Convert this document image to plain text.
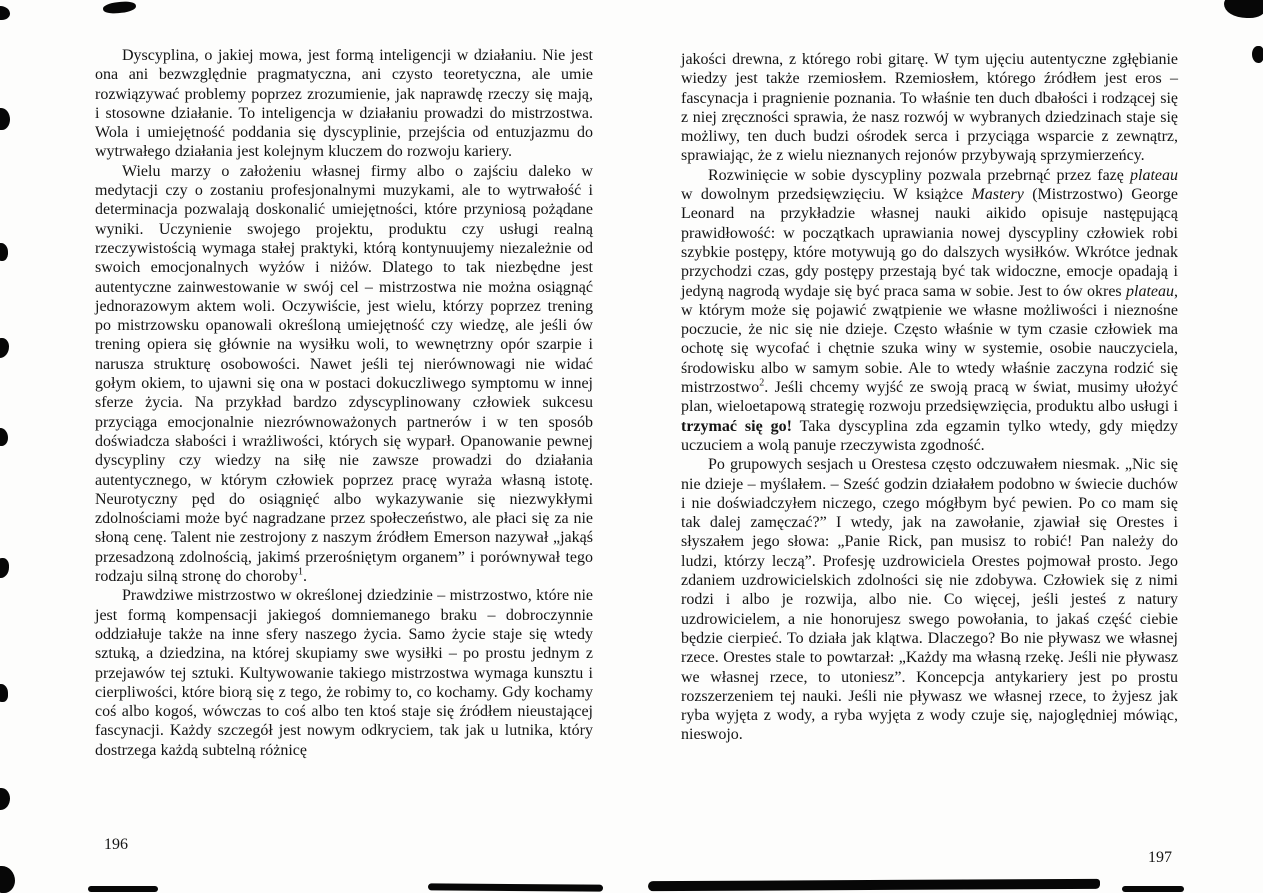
Dyscyplina, o jakiej mowa, jest formą inteligencji w działaniu. Nie jest ona ani bezwzględnie pragmatyczna, ani czysto teoretyczna, ale umie rozwiązywać problemy poprzez zrozumienie, jak naprawdę rzeczy się mają, i stosowne działanie. To inteligencja w działaniu prowadzi do mistrzostwa. Wola i umiejętność poddania się dyscyplinie, przejścia od entuzjazmu do wytrwałego działania jest kolejnym kluczem do rozwoju kariery.

Wielu marzy o założeniu własnej firmy albo o zajściu daleko w medytacji czy o zostaniu profesjonalnymi muzykami, ale to wytrwałość i determinacja pozwalają doskonalić umiejętności, które przyniosą pożądane wyniki. Uczynienie swojego projektu, produktu czy usługi realną rzeczywistością wymaga stałej praktyki, którą kontynuujemy niezależnie od swoich emocjonalnych wyżów i niżów. Dlatego to tak niezbędne jest autentyczne zainwestowanie w swój cel – mistrzostwa nie można osiągnąć jednorazowym aktem woli. Oczywiście, jest wielu, którzy poprzez trening po mistrzowsku opanowali określoną umiejętność czy wiedzę, ale jeśli ów trening opiera się głównie na wysiłku woli, to wewnętrzny opór szarpie i narusza strukturę osobowości. Nawet jeśli tej nierównowagi nie widać gołym okiem, to ujawni się ona w postaci dokuczliwego symptomu w innej sferze życia. Na przykład bardzo zdyscyplinowany człowiek sukcesu przyciąga emocjonalnie niezrównoważonych partnerów i w ten sposób doświadcza słabości i wrażliwości, których się wyparł. Opanowanie pewnej dyscypliny czy wiedzy na siłę nie zawsze prowadzi do działania autentycznego, w którym człowiek poprzez pracę wyraża własną istotę. Neurotyczny pęd do osiągnięć albo wykazywanie się niezwykłymi zdolnościami może być nagradzane przez społeczeństwo, ale płaci się za nie słoną cenę. Talent nie zestrojony z naszym źródłem Emerson nazywał „jakąś przesadzoną zdolnością, jakimś przerośniętym organem” i porównywał tego rodzaju silną stronę do choroby$^1$.

Prawdziwe mistrzostwo w określonej dziedzinie – mistrzostwo, które nie jest formą kompensacji jakiegoś domniemanego braku – dobroczynnie oddziałuje także na inne sfery naszego życia. Samo życie staje się wtedy sztuką, a dziedzina, na której skupiamy swe wysiłki – po prostu jednym z przejawów tej sztuki. Kultywowanie takiego mistrzostwa wymaga kunsztu i cierpliwości, które biorą się z tego, że robimy to, co kochamy. Gdy kochamy coś albo kogoś, wówczas to coś albo ten ktoś staje się źródłem nieustającej fascynacji. Każdy szczegół jest nowym odkryciem, tak jak u lutnika, który dostrzega każdą subtelną różnicę

jakości drewna, z którego robi gitarę. W tym ujęciu autentyczne zgłębianie wiedzy jest także rzemiosłem. Rzemiosłem, którego źródłem jest eros – fascynacja i pragnienie poznania. To właśnie ten duch dbałości i rodzącej się z niej zręczności sprawia, że nasz rozwój w wybranych dziedzinach staje się możliwy, ten duch budzi ośrodek serca i przyciąga wsparcie z zewnątrz, sprawiając, że z wielu nieznanych rejonów przybywają sprzymierzeńcy.

Rozwinięcie w sobie dyscypliny pozwala przebrnąć przez fazę plateau w dowolnym przedsięwzięciu. W książce Mastery (Mistrzostwo) George Leonard na przykładzie własnej nauki aikido opisuje następującą prawidłowość: w początkach uprawiania nowej dyscypliny człowiek robi szybkie postępy, które motywują go do dalszych wysiłków. Wkrótce jednak przychodzi czas, gdy postępy przestają być tak widoczne, emocje opadają i jedyną nagrodą wydaje się być praca sama w sobie. Jest to ów okres plateau, w którym może się pojawić zwątpienie we własne możliwości i nieznośne poczucie, że nic się nie dzieje. Często właśnie w tym czasie człowiek ma ochotę się wycofać i chętnie szuka winy w systemie, osobie nauczyciela, środowisku albo w samym sobie. Ale to wtedy właśnie zaczyna rodzić się mistrzostwo$^2$. Jeśli chcemy wyjść ze swoją pracą w świat, musimy ułożyć plan, wieloetapową strategię rozwoju przedsięwzięcia, produktu albo usługi i trzymać się go! Taka dyscyplina zda egzamin tylko wtedy, gdy między uczuciem a wolą panuje rzeczywista zgodność.

Po grupowych sesjach u Orestesa często odczuwałem niesmak. „Nic się nie dzieje – myślałem. – Sześć godzin działałem podobno w świecie duchów i nie doświadczyłem niczego, czego mógłbym być pewien. Po co mam się tak dalej zamęczać?” I wtedy, jak na zawołanie, zjawiał się Orestes i słyszałem jego słowa: „Panie Rick, pan musisz to robić! Pan należy do ludzi, którzy leczą”. Profesję uzdrowiciela Orestes pojmował prosto. Jego zdaniem uzdrowicielskich zdolności się nie zdobywa. Człowiek się z nimi rodzi i albo je rozwija, albo nie. Co więcej, jeśli jesteś z natury uzdrowicielem, a nie honorujesz swego powołania, to jakaś część ciebie będzie cierpieć. To działa jak klątwa. Dlaczego? Bo nie pływasz we własnej rzece. Orestes stale to powtarzał: „Każdy ma własną rzekę. Jeśli nie pływasz we własnej rzece, to utoniesz”. Koncepcja antykariery jest po prostu rozszerzeniem tej nauki. Jeśli nie pływasz we własnej rzece, to żyjesz jak ryba wyjęta z wody, a ryba wyjęta z wody czuje się, najoględniej mówiąc, nieswojo.

196
197
